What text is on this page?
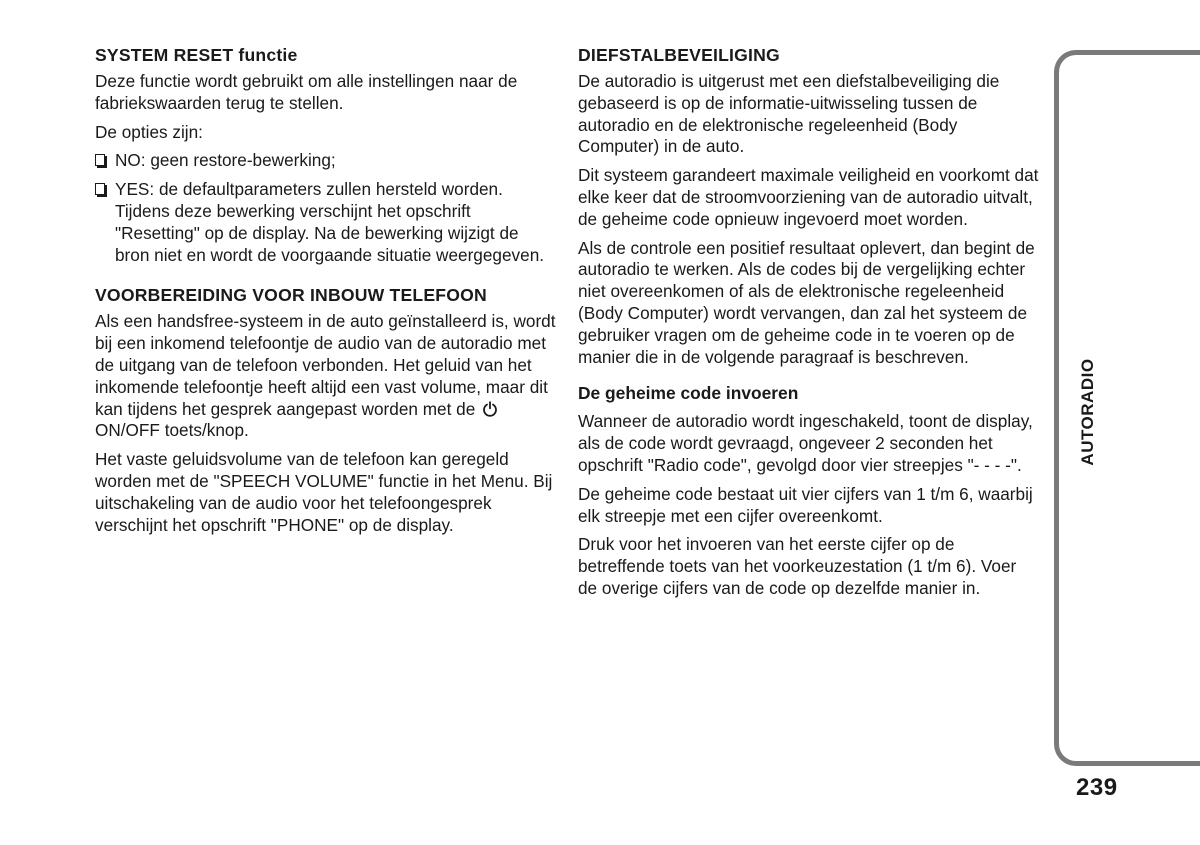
SYSTEM RESET functie

Deze functie wordt gebruikt om alle instellingen naar de fabriekswaarden terug te stellen.

De opties zijn:

NO: geen restore-bewerking;
YES: de defaultparameters zullen hersteld worden. Tijdens deze bewerking verschijnt het opschrift "Resetting" op de display. Na de bewerking wijzigt de bron niet en wordt de voorgaande situatie weergegeven.
VOORBEREIDING VOOR INBOUW TELEFOON

Als een handsfree-systeem in de auto geïnstalleerd is, wordt bij een inkomend telefoontje de audio van de autoradio met de uitgang van de telefoon verbonden. Het geluid van het inkomende telefoontje heeft altijd een vast volume, maar dit kan tijdens het gesprek aangepast worden met de ON/OFF toets/knop.

Het vaste geluidsvolume van de telefoon kan geregeld worden met de "SPEECH VOLUME" functie in het Menu. Bij uitschakeling van de audio voor het telefoongesprek verschijnt het opschrift "PHONE" op de display.

DIEFSTALBEVEILIGING

De autoradio is uitgerust met een diefstalbeveiliging die gebaseerd is op de informatie-uitwisseling tussen de autoradio en de elektronische regeleenheid (Body Computer) in de auto.

Dit systeem garandeert maximale veiligheid en voorkomt dat elke keer dat de stroomvoorziening van de autoradio uitvalt, de geheime code opnieuw ingevoerd moet worden.

Als de controle een positief resultaat oplevert, dan begint de autoradio te werken. Als de codes bij de vergelijking echter niet overeenkomen of als de elektronische regeleenheid (Body Computer) wordt vervangen, dan zal het systeem de gebruiker vragen om de geheime code in te voeren op de manier die in de volgende paragraaf is beschreven.

De geheime code invoeren

Wanneer de autoradio wordt ingeschakeld, toont de display, als de code wordt gevraagd, ongeveer 2 seconden het opschrift "Radio code", gevolgd door vier streepjes "- - - -".

De geheime code bestaat uit vier cijfers van 1 t/m 6, waarbij elk streepje met een cijfer overeenkomt.

Druk voor het invoeren van het eerste cijfer op de betreffende toets van het voorkeuzestation (1 t/m 6). Voer de overige cijfers van de code op dezelfde manier in.

AUTORADIO
239
